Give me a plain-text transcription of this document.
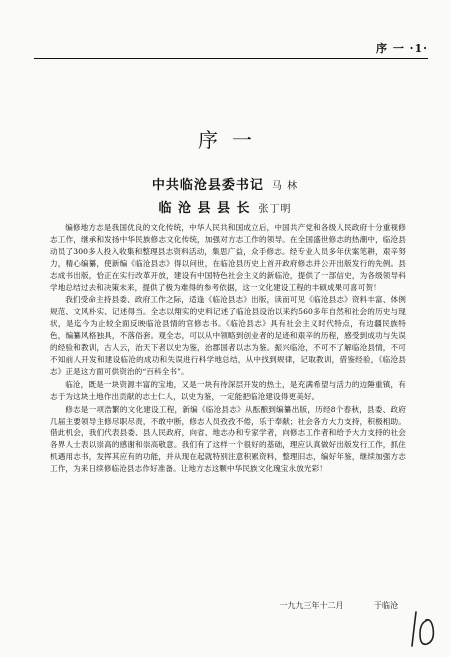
序 一 ·1·
序一
中共临沧县委书记 马 林
临 沧 县 县 长 张丁明

编修地方志是我国优良的文化传统，中华人民共和国成立后，中国共产党和各级人民政府十分重视修志工作，继承和发扬中华民族修志文化传统，加强对方志工作的领导。在全国盛世修志的热潮中，临沧县动员了300多人投入收集和整理县志资料活动，集思广益，众手修志。经专业人员多年伏案笔耕，艰辛努力，精心编纂，使新编《临沧县志》得以问世，在临沧县历史上首开政府修志并公开出版发行的先例。县志成书出版，恰正在实行改革开放，建设有中国特色社会主义的新临沧，提供了一部信史，为各级领导科学地总结过去和决策未来，提供了极为难得的参考依据，这一文化建设工程的丰硕成果可喜可贺！

我们受命主持县委、政府工作之际，适逢《临沧县志》出版，读而可见《临沧县志》资料丰富、体例规范、文风朴实、记述得当。全志以翔实的史料记述了临沧县设治以来约560多年自然和社会的历史与现状，是迄今为止较全面反映临沧县情的官修志书。《临沧县志》具有社会主义时代特点，有边疆民族特色，编纂风格独具，不落俗套。观全志，可以从中领略到创业者的足迹和艰辛的历程，感受到成功与失误的经验和教训，古人云，治天下者以史为鉴，治郡国者以志为鉴。振兴临沧，不可不了解临沧县情，不可不知前人开发和建设临沧的成功和失误进行科学地总结，从中找到规律，记取教训，借鉴经验，《临沧县志》正是这方面可供资治的“百科全书”。

临沧，既是一块资源丰富的宝地，又是一块有待深层开发的热土，是充满希望与活力的边陲重镇，有志于为这块土地作出贡献的志士仁人，以史为鉴，一定能把临沧建设得更美好。

修志是一项浩繁的文化建设工程，新编《临沧县志》从酝酿到编纂出版，历经8个春秋，县委、政府几届主要领导主修尽职尽责，不敢中断，修志人员孜孜不倦，乐于奉献；社会各方大力支持，积极相助。借此机会，我们代表县委、县人民政府，向省、地志办和专家学者，向修志工作者和给予大力支持的社会各界人士表以崇高的感谢和崇高敬意。我们有了这样一个很好的基础，理应认真做好出版发行工作，抓住机遇用志书，发挥其应有的功能，并从现在起就特别注意积累资料，整理旧志，编好年鉴，继续加强方志工作，为来日续修临沧县志作好准备。让地方志这颗中华民族文化瑰宝永放光彩！

一九九三年十二月	于临沧
